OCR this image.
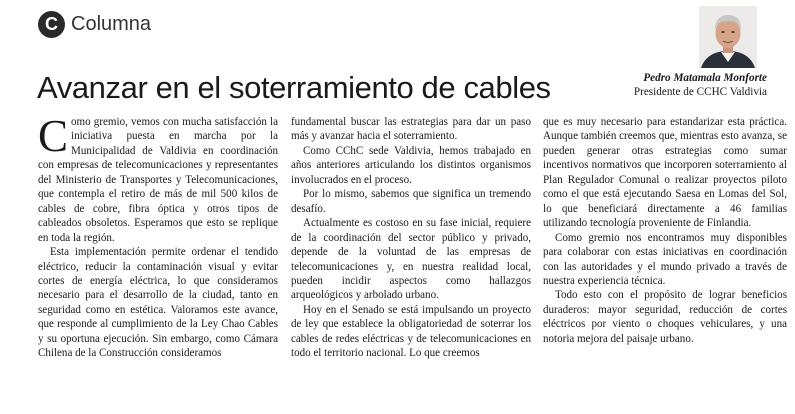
C Columna
Avanzar en el soterramiento de cables	Pedro Matamala Monforte
Presidente de CCHC Valdivia

Como gremio, vemos con mucha satisfacción la iniciativa puesta en marcha por la Municipalidad de Valdivia en coordinación con empresas de telecomunicaciones y representantes del Ministerio de Transportes y Telecomunicaciones, que contempla el retiro de más de mil 500 kilos de cables de cobre, fibra óptica y otros tipos de cableados obsoletos. Esperamos que esto se replique en toda la región.

Esta implementación permite ordenar el tendido eléctrico, reducir la contaminación visual y evitar cortes de energía eléctrica, lo que consideramos necesario para el desarrollo de la ciudad, tanto en seguridad como en estética. Valoramos este avance, que responde al cumplimiento de la Ley Chao Cables y su oportuna ejecución. Sin embargo, como Cámara Chilena de la Construcción consideramos

fundamental buscar las estrategias para dar un paso más y avanzar hacia el soterramiento.

Como CChC sede Valdivia, hemos trabajado en años anteriores articulando los distintos organismos involucrados en el proceso.

Por lo mismo, sabemos que significa un tremendo desafío.

Actualmente es costoso en su fase inicial, requiere de la coordinación del sector público y privado, depende de la voluntad de las empresas de telecomunicaciones y, en nuestra realidad local, pueden incidir aspectos como hallazgos arqueológicos y arbolado urbano.

Hoy en el Senado se está impulsando un proyecto de ley que establece la obligatoriedad de soterrar los cables de redes eléctricas y de telecomunicaciones en todo el territorio nacional. Lo que creemos

que es muy necesario para estandarizar esta práctica. Aunque también creemos que, mientras esto avanza, se pueden generar otras estrategias como sumar incentivos normativos que incorporen soterramiento al Plan Regulador Comunal o realizar proyectos piloto como el que está ejecutando Saesa en Lomas del Sol, lo que beneficiará directamente a 46 familias utilizando tecnología proveniente de Finlandia.

Como gremio nos encontramos muy disponibles para colaborar con estas iniciativas en coordinación con las autoridades y el mundo privado a través de nuestra experiencia técnica.

Todo esto con el propósito de lograr beneficios duraderos: mayor seguridad, reducción de cortes eléctricos por viento o choques vehiculares, y una notoria mejora del paisaje urbano.
